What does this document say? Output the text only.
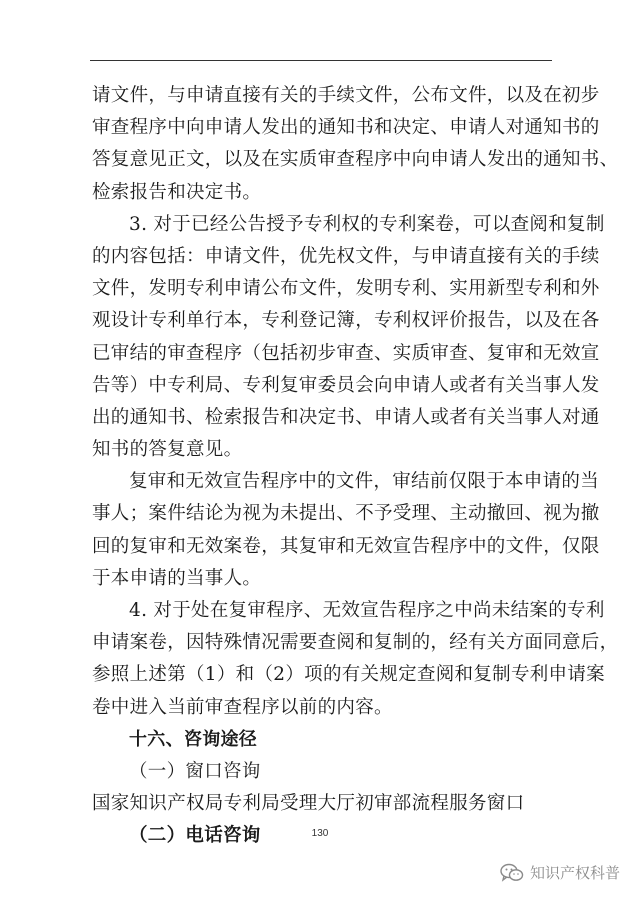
请文件，与申请直接有关的手续文件，公布文件，以及在初步
审查程序中向申请人发出的通知书和决定、申请人对通知书的
答复意见正文，以及在实质审查程序中向申请人发出的通知书、
检索报告和决定书。
3. 对于已经公告授予专利权的专利案卷，可以查阅和复制
的内容包括：申请文件，优先权文件，与申请直接有关的手续
文件，发明专利申请公布文件，发明专利、实用新型专利和外
观设计专利单行本，专利登记簿，专利权评价报告，以及在各
已审结的审查程序（包括初步审查、实质审查、复审和无效宣
告等）中专利局、专利复审委员会向申请人或者有关当事人发
出的通知书、检索报告和决定书、申请人或者有关当事人对通
知书的答复意见。
复审和无效宣告程序中的文件，审结前仅限于本申请的当
事人；案件结论为视为未提出、不予受理、主动撤回、视为撤
回的复审和无效案卷，其复审和无效宣告程序中的文件，仅限
于本申请的当事人。
4. 对于处在复审程序、无效宣告程序之中尚未结案的专利
申请案卷，因特殊情况需要查阅和复制的，经有关方面同意后，
参照上述第（1）和（2）项的有关规定查阅和复制专利申请案
卷中进入当前审查程序以前的内容。
十六、咨询途径
（一）窗口咨询
国家知识产权局专利局受理大厅初审部流程服务窗口
（二）电话咨询	130
知识产权科普
